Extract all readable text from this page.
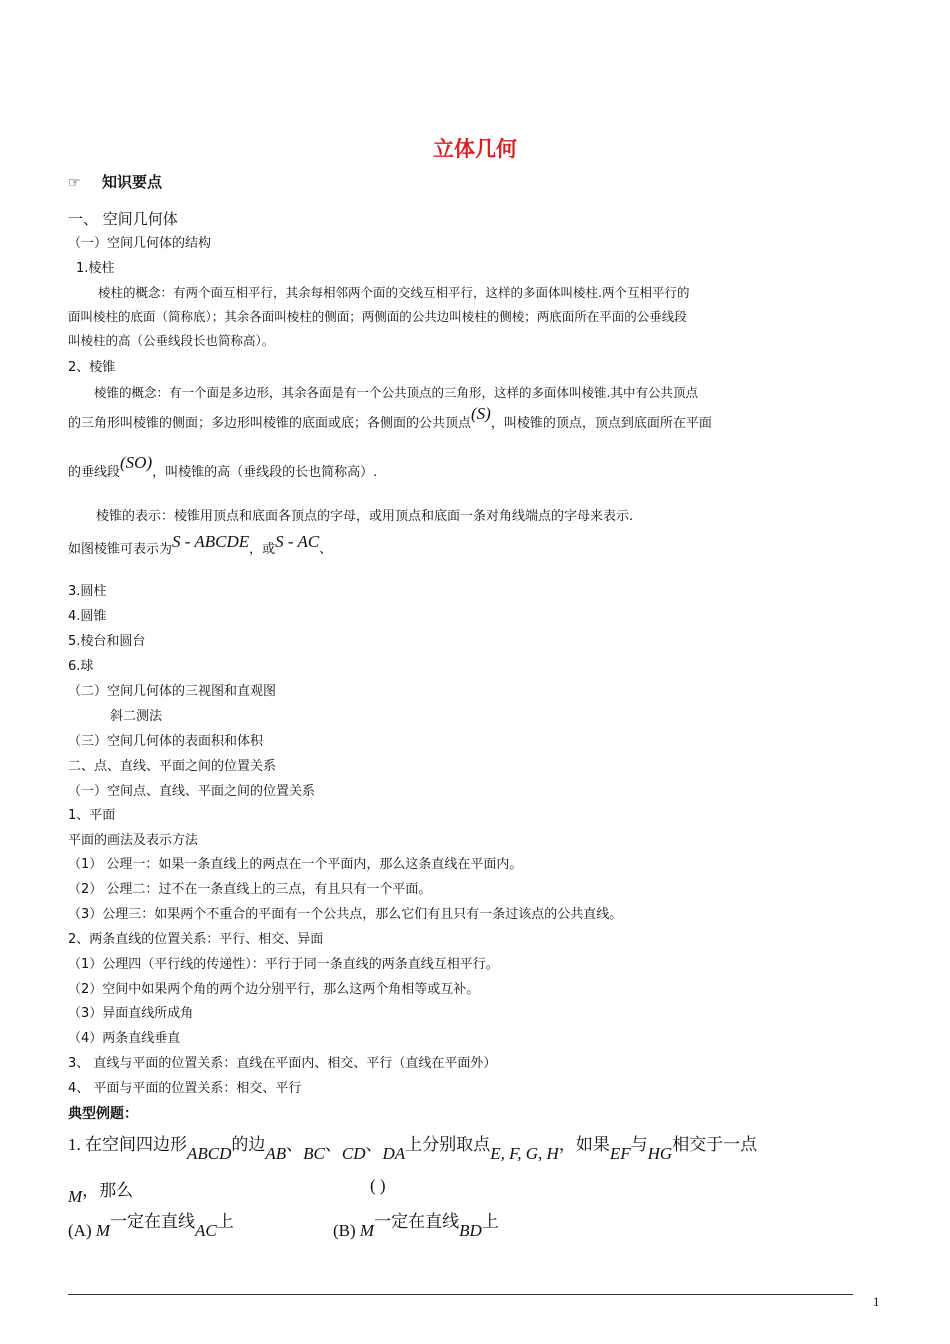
立体几何
☞ 知识要点
一、 空间几何体
（一）空间几何体的结构
1.棱柱
棱柱的概念：有两个面互相平行，其余每相邻两个面的交线互相平行，这样的多面体叫棱柱.两个互相平行的
面叫棱柱的底面（简称底）；其余各面叫棱柱的侧面；两侧面的公共边叫棱柱的侧棱；两底面所在平面的公垂线段
叫棱柱的高（公垂线段长也简称高）。
2、棱锥
棱锥的概念：有一个面是多边形，其余各面是有一个公共顶点的三角形，这样的多面体叫棱锥.其中有公共顶点
的三角形叫棱锥的侧面；多边形叫棱锥的底面或底；各侧面的公共顶点(S)，叫棱锥的顶点，顶点到底面所在平面
的垂线段(SO)，叫棱锥的高（垂线段的长也简称高）.
棱锥的表示：棱锥用顶点和底面各顶点的字母，或用顶点和底面一条对角线端点的字母来表示.
如图棱锥可表示为S - ABCDE，或S - AC、
3.圆柱
4.圆锥
5.棱台和圆台
6.球
（二）空间几何体的三视图和直观图
斜二测法
（三）空间几何体的表面积和体积
二、点、直线、平面之间的位置关系
（一）空间点、直线、平面之间的位置关系
1、平面
平面的画法及表示方法
（1） 公理一：如果一条直线上的两点在一个平面内，那么这条直线在平面内。
（2） 公理二：过不在一条直线上的三点，有且只有一个平面。
（3）公理三：如果两个不重合的平面有一个公共点，那么它们有且只有一条过该点的公共直线。
2、两条直线的位置关系：平行、相交、异面
（1）公理四（平行线的传递性）：平行于同一条直线的两条直线互相平行。
（2）空间中如果两个角的两个边分别平行，那么这两个角相等或互补。
（3）异面直线所成角
（4）两条直线垂直
3、 直线与平面的位置关系：直线在平面内、相交、平行（直线在平面外）
4、 平面与平面的位置关系：相交、平行
典型例题：
1. 在空间四边形ABCD的边AB、BC、CD、DA上分别取点E, F, G, H，如果EF与HG相交于一点
M，那么	( )
(A) M一定在直线AC上	(B) M一定在直线BD上
1
